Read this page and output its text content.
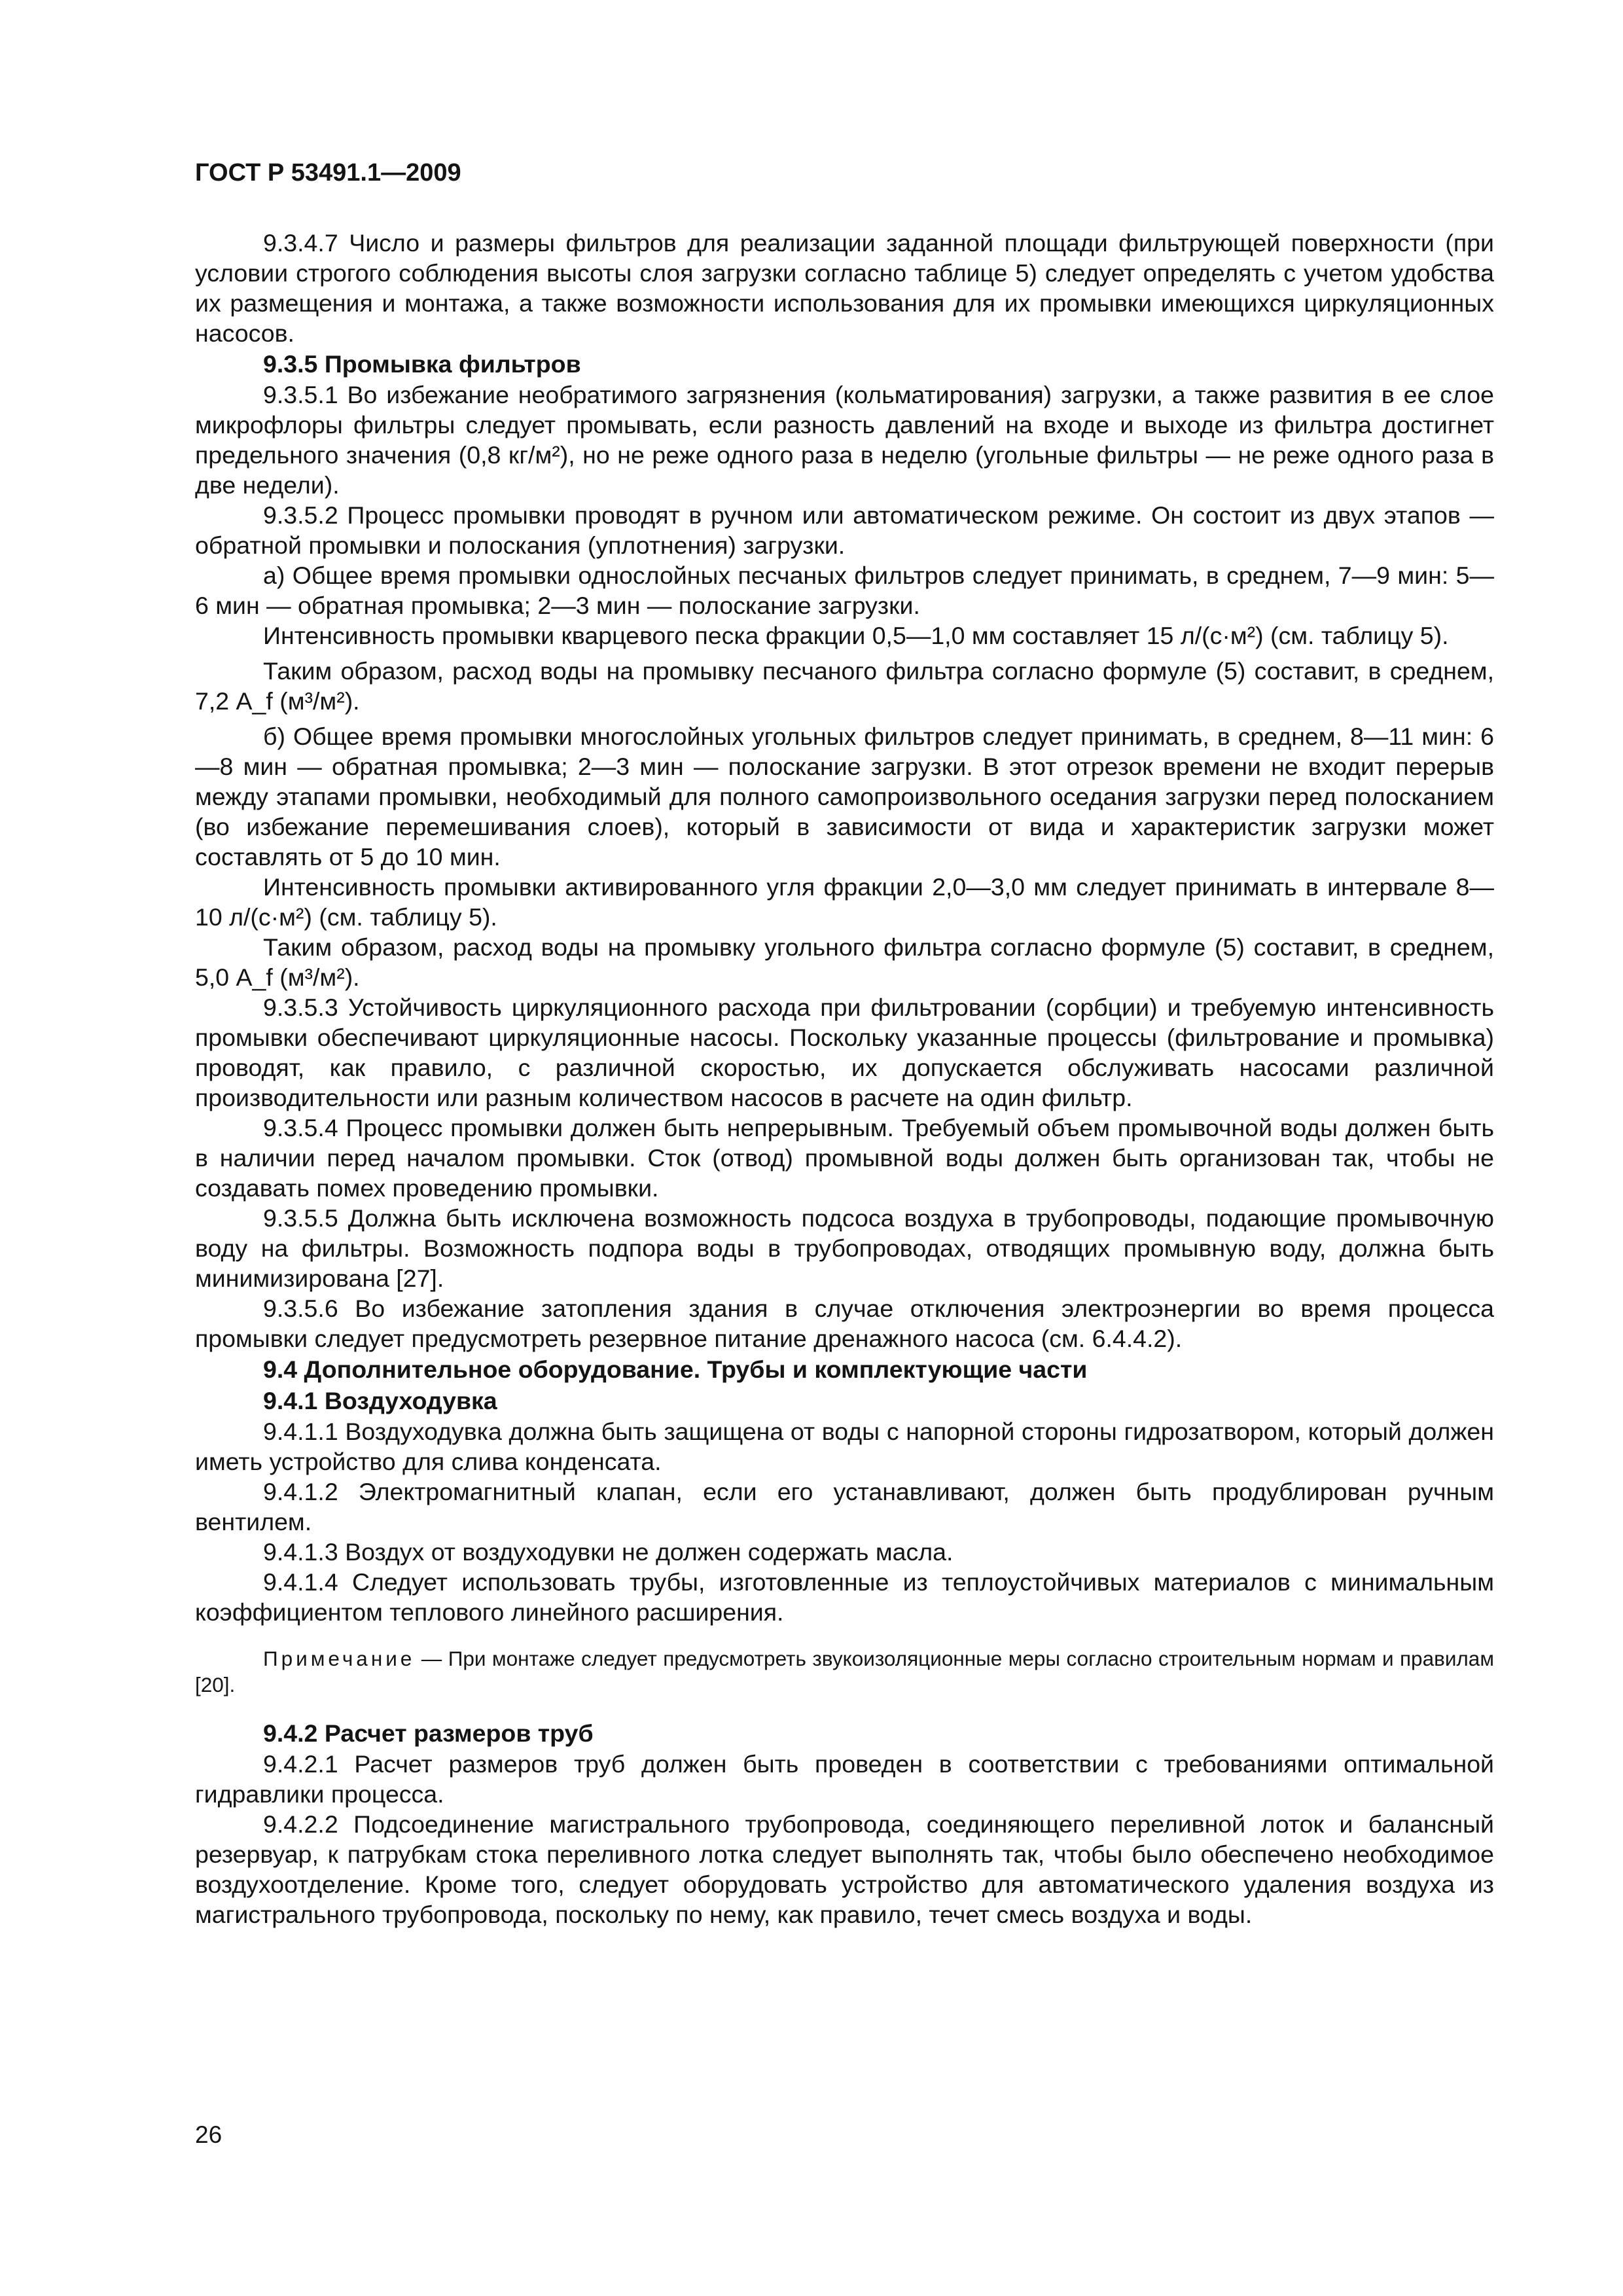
ГОСТ Р 53491.1—2009

9.3.4.7 Число и размеры фильтров для реализации заданной площади фильтрующей поверхности (при условии строгого соблюдения высоты слоя загрузки согласно таблице 5) следует определять с учетом удобства их размещения и монтажа, а также возможности использования для их промывки имеющихся циркуляционных насосов.

9.3.5 Промывка фильтров

9.3.5.1 Во избежание необратимого загрязнения (кольматирования) загрузки, а также развития в ее слое микрофлоры фильтры следует промывать, если разность давлений на входе и выходе из фильтра достигнет предельного значения (0,8 кг/м²), но не реже одного раза в неделю (угольные фильтры — не реже одного раза в две недели).

9.3.5.2 Процесс промывки проводят в ручном или автоматическом режиме. Он состоит из двух этапов — обратной промывки и полоскания (уплотнения) загрузки.

а) Общее время промывки однослойных песчаных фильтров следует принимать, в среднем, 7—9 мин: 5—6 мин — обратная промывка; 2—3 мин — полоскание загрузки.

Интенсивность промывки кварцевого песка фракции 0,5—1,0 мм составляет 15 л/(с·м²) (см. таблицу 5).

Таким образом, расход воды на промывку песчаного фильтра согласно формуле (5) составит, в среднем, 7,2 A_f (м³/м²).

б) Общее время промывки многослойных угольных фильтров следует принимать, в среднем, 8—11 мин: 6—8 мин — обратная промывка; 2—3 мин — полоскание загрузки. В этот отрезок времени не входит перерыв между этапами промывки, необходимый для полного самопроизвольного оседания загрузки перед полосканием (во избежание перемешивания слоев), который в зависимости от вида и характеристик загрузки может составлять от 5 до 10 мин.

Интенсивность промывки активированного угля фракции 2,0—3,0 мм следует принимать в интервале 8—10 л/(с·м²) (см. таблицу 5).

Таким образом, расход воды на промывку угольного фильтра согласно формуле (5) составит, в среднем, 5,0 A_f (м³/м²).

9.3.5.3 Устойчивость циркуляционного расхода при фильтровании (сорбции) и требуемую интенсивность промывки обеспечивают циркуляционные насосы. Поскольку указанные процессы (фильтрование и промывка) проводят, как правило, с различной скоростью, их допускается обслуживать насосами различной производительности или разным количеством насосов в расчете на один фильтр.

9.3.5.4 Процесс промывки должен быть непрерывным. Требуемый объем промывочной воды должен быть в наличии перед началом промывки. Сток (отвод) промывной воды должен быть организован так, чтобы не создавать помех проведению промывки.

9.3.5.5 Должна быть исключена возможность подсоса воздуха в трубопроводы, подающие промывочную воду на фильтры. Возможность подпора воды в трубопроводах, отводящих промывную воду, должна быть минимизирована [27].

9.3.5.6 Во избежание затопления здания в случае отключения электроэнергии во время процесса промывки следует предусмотреть резервное питание дренажного насоса (см. 6.4.4.2).

9.4 Дополнительное оборудование. Трубы и комплектующие части
9.4.1 Воздуходувка

9.4.1.1 Воздуходувка должна быть защищена от воды с напорной стороны гидрозатвором, который должен иметь устройство для слива конденсата.

9.4.1.2 Электромагнитный клапан, если его устанавливают, должен быть продублирован ручным вентилем.

9.4.1.3 Воздух от воздуходувки не должен содержать масла.

9.4.1.4 Следует использовать трубы, изготовленные из теплоустойчивых материалов с минимальным коэффициентом теплового линейного расширения.

Примечание — При монтаже следует предусмотреть звукоизоляционные меры согласно строительным нормам и правилам [20].

9.4.2 Расчет размеров труб

9.4.2.1 Расчет размеров труб должен быть проведен в соответствии с требованиями оптимальной гидравлики процесса.

9.4.2.2 Подсоединение магистрального трубопровода, соединяющего переливной лоток и балансный резервуар, к патрубкам стока переливного лотка следует выполнять так, чтобы было обеспечено необходимое воздухоотделение. Кроме того, следует оборудовать устройство для автоматического удаления воздуха из магистрального трубопровода, поскольку по нему, как правило, течет смесь воздуха и воды.

26
